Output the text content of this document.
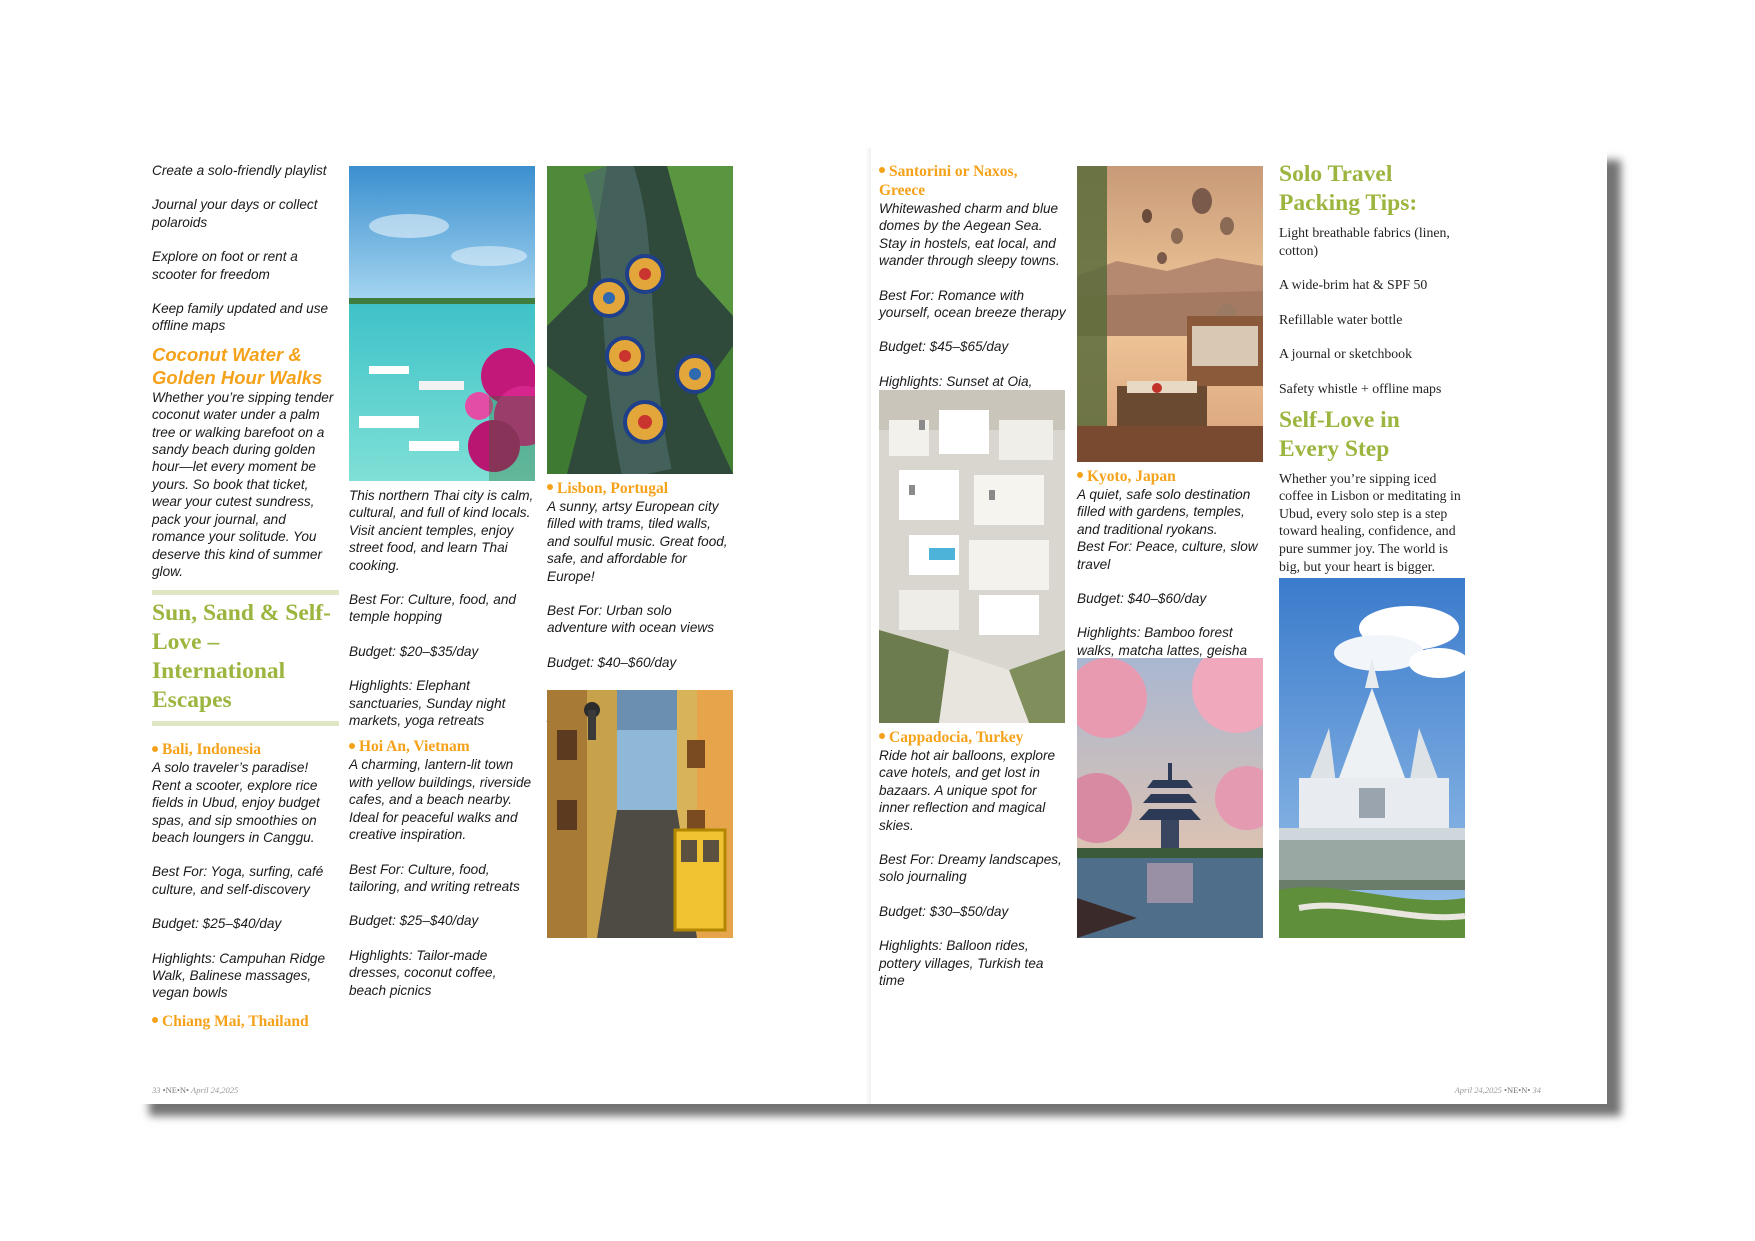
Create a solo-friendly playlist

Journal your days or collect polaroids

Explore on foot or rent a scooter for freedom

Keep family updated and use offline maps

Coconut Water & Golden Hour Walks
Whether you’re sipping tender coconut water under a palm tree or walking barefoot on a sandy beach during golden hour—let every moment be yours. So book that ticket, wear your cutest sundress, pack your journal, and romance your solitude. You deserve this kind of summer glow.
Sun, Sand & Self-Love – International Escapes
Bali, Indonesia

A solo traveler’s paradise! Rent a scooter, explore rice fields in Ubud, enjoy budget spas, and sip smoothies on beach loungers in Canggu.

Best For: Yoga, surfing, café culture, and self-discovery

Budget: $25–$40/day

Highlights: Campuhan Ridge Walk, Balinese massages, vegan bowls

Chiang Mai, Thailand

This northern Thai city is calm, cultural, and full of kind locals. Visit ancient temples, enjoy street food, and learn Thai cooking.

Best For: Culture, food, and temple hopping

Budget: $20–$35/day

Highlights: Elephant sanctuaries, Sunday night markets, yoga retreats

Hoi An, Vietnam

A charming, lantern-lit town with yellow buildings, riverside cafes, and a beach nearby. Ideal for peaceful walks and creative inspiration.

Best For: Culture, food, tailoring, and writing retreats

Budget: $25–$40/day

Highlights: Tailor-made dresses, coconut coffee, beach picnics

Lisbon, Portugal

A sunny, artsy European city filled with trams, tiled walls, and soulful music. Great food, safe, and affordable for Europe!

Best For: Urban solo adventure with ocean views

Budget: $40–$60/day

33 •NE•N• April 24,2025
Santorini or Naxos, Greece

Whitewashed charm and blue domes by the Aegean Sea. Stay in hostels, eat local, and wander through sleepy towns.

Best For: Romance with yourself, ocean breeze therapy

Budget: $45–$65/day

Highlights: Sunset at Oia,

Cappadocia, Turkey

Ride hot air balloons, explore cave hotels, and get lost in bazaars. A unique spot for inner reflection and magical skies.

Best For: Dreamy landscapes, solo journaling

Budget: $30–$50/day

Highlights: Balloon rides, pottery villages, Turkish tea time

Kyoto, Japan
A quiet, safe solo destination filled with gardens, temples, and traditional ryokans.

Best For: Peace, culture, slow travel

Budget: $40–$60/day

Highlights: Bamboo forest walks, matcha lattes, geisha

Solo Travel Packing Tips:

Light breathable fabrics (linen, cotton)

A wide-brim hat & SPF 50

Refillable water bottle

A journal or sketchbook

Safety whistle + offline maps

Self-Love in Every Step
Whether you’re sipping iced coffee in Lisbon or meditating in Ubud, every solo step is a step toward healing, confidence, and pure summer joy. The world is big, but your heart is bigger.
April 24,2025 •NE•N• 34
